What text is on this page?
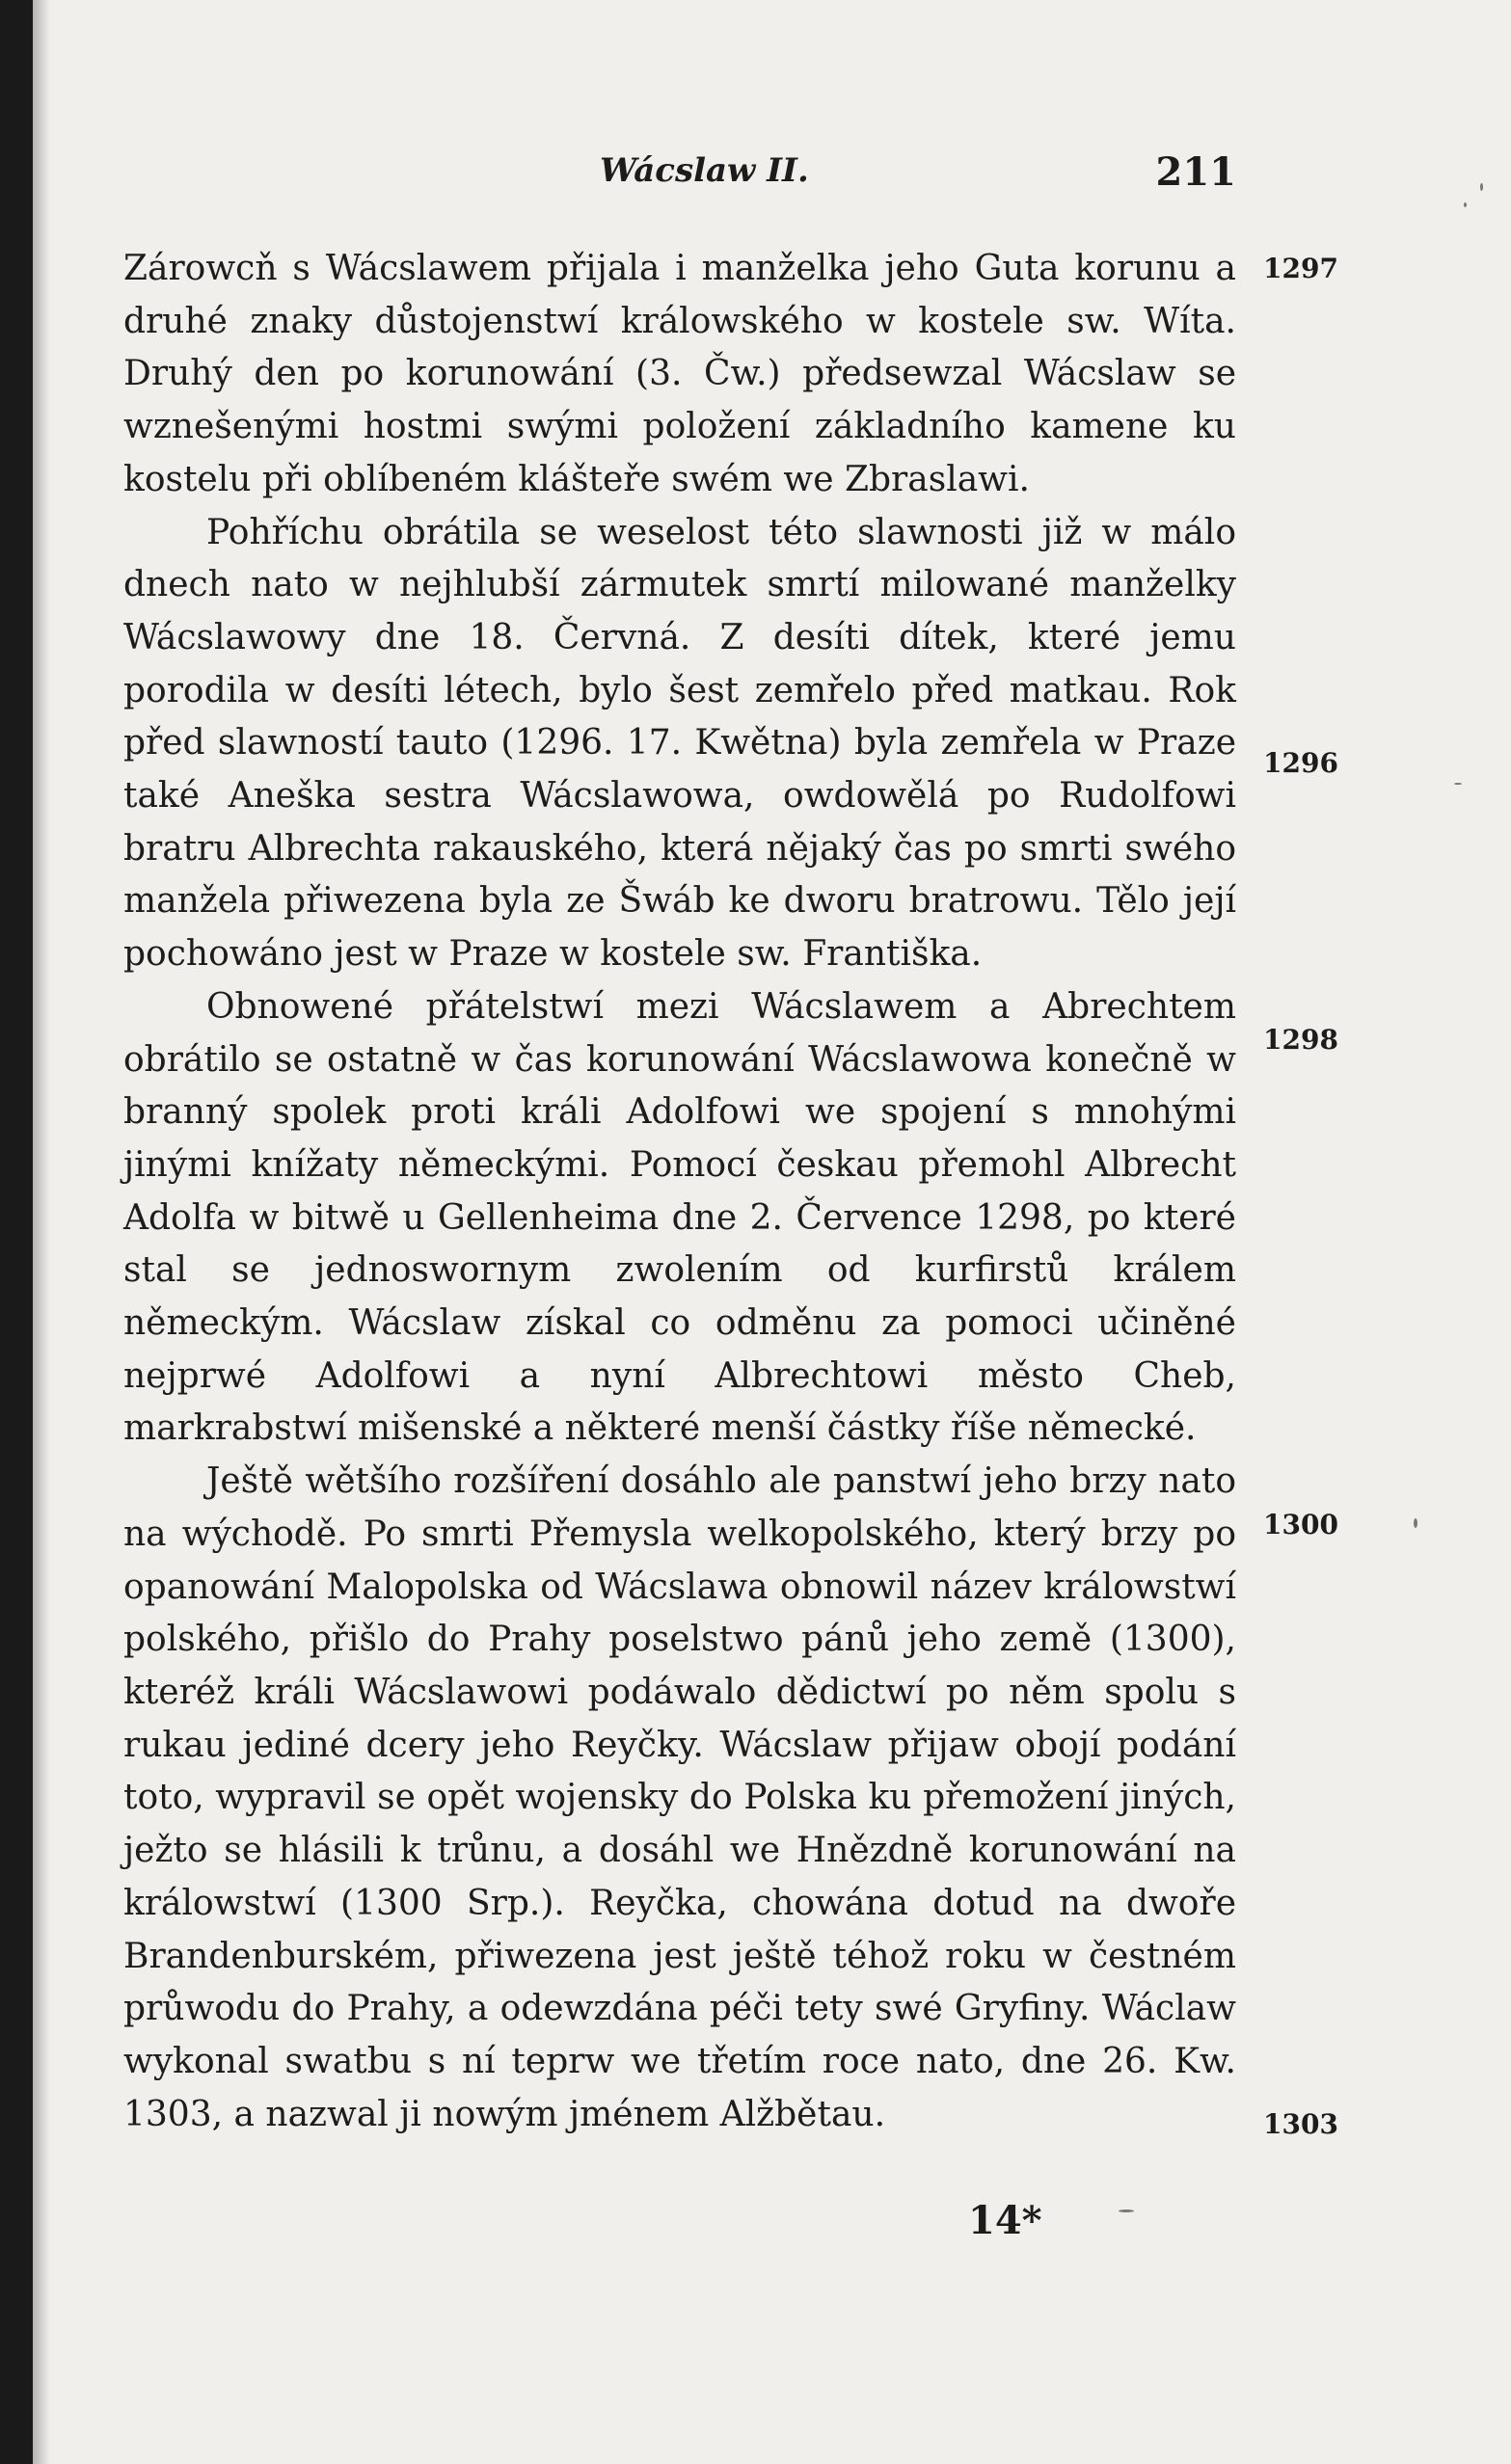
Wácslaw II.	211

Zárowcň s Wácslawem přijala i manželka jeho Guta korunu a druhé znaky důstojenstwí králowského w kostele sw. Wíta. Druhý den po korunowání (3. Čw.) předsewzal Wácslaw se wznešenými hostmi swými položení základního kamene ku kostelu při oblíbeném klášteře swém we Zbraslawi.

Pohříchu obrátila se weselost této slawnosti již w málo dnech nato w nejhlubší zármutek smrtí milowané manželky Wácslawowy dne 18. Červná. Z desíti dítek, které jemu porodila w desíti létech, bylo šest zemřelo před matkau. Rok před slawností tauto (1296. 17. Kwětna) byla zemřela w Praze také Aneška sestra Wácslawowa, owdowělá po Rudolfowi bratru Albrechta rakauského, která nějaký čas po smrti swého manžela přiwezena byla ze Šwáb ke dworu bratrowu. Tělo její pochowáno jest w Praze w kostele sw. Františka.

Obnowené přátelstwí mezi Wácslawem a Abrechtem obrátilo se ostatně w čas korunowání Wácslawowa konečně w branný spolek proti králi Adolfowi we spojení s mnohými jinými knížaty německými. Pomocí českau přemohl Albrecht Adolfa w bitwě u Gellenheima dne 2. Července 1298, po které stal se jednoswornym zwolením od kurfirstů králem německým. Wácslaw získal co odměnu za pomoci učiněné nejprwé Adolfowi a nyní Albrechtowi město Cheb, markrabstwí mišenské a některé menší částky říše německé.

Ještě wětšího rozšíření dosáhlo ale panstwí jeho brzy nato na wýchodě. Po smrti Přemysla welkopolského, který brzy po opanowání Malopolska od Wácslawa obnowil název králowstwí polského, přišlo do Prahy poselstwo pánů jeho země (1300), kteréž králi Wácslawowi podáwalo dědictwí po něm spolu s rukau jediné dcery jeho Reyčky. Wácslaw přijaw obojí podání toto, wypravil se opět wojensky do Polska ku přemožení jiných, ježto se hlásili k trůnu, a dosáhl we Hnězdně korunowání na králowstwí (1300 Srp.). Reyčka, chowána dotud na dwoře Brandenburském, přiwezena jest ještě téhož roku w čestném průwodu do Prahy, a odewzdána péči tety swé Gryfiny. Wáclaw wykonal swatbu s ní teprw we třetím roce nato, dne 26. Kw. 1303, a nazwal ji nowým jménem Alžbětau.

1297
1296
1298
1300
1303
14*
